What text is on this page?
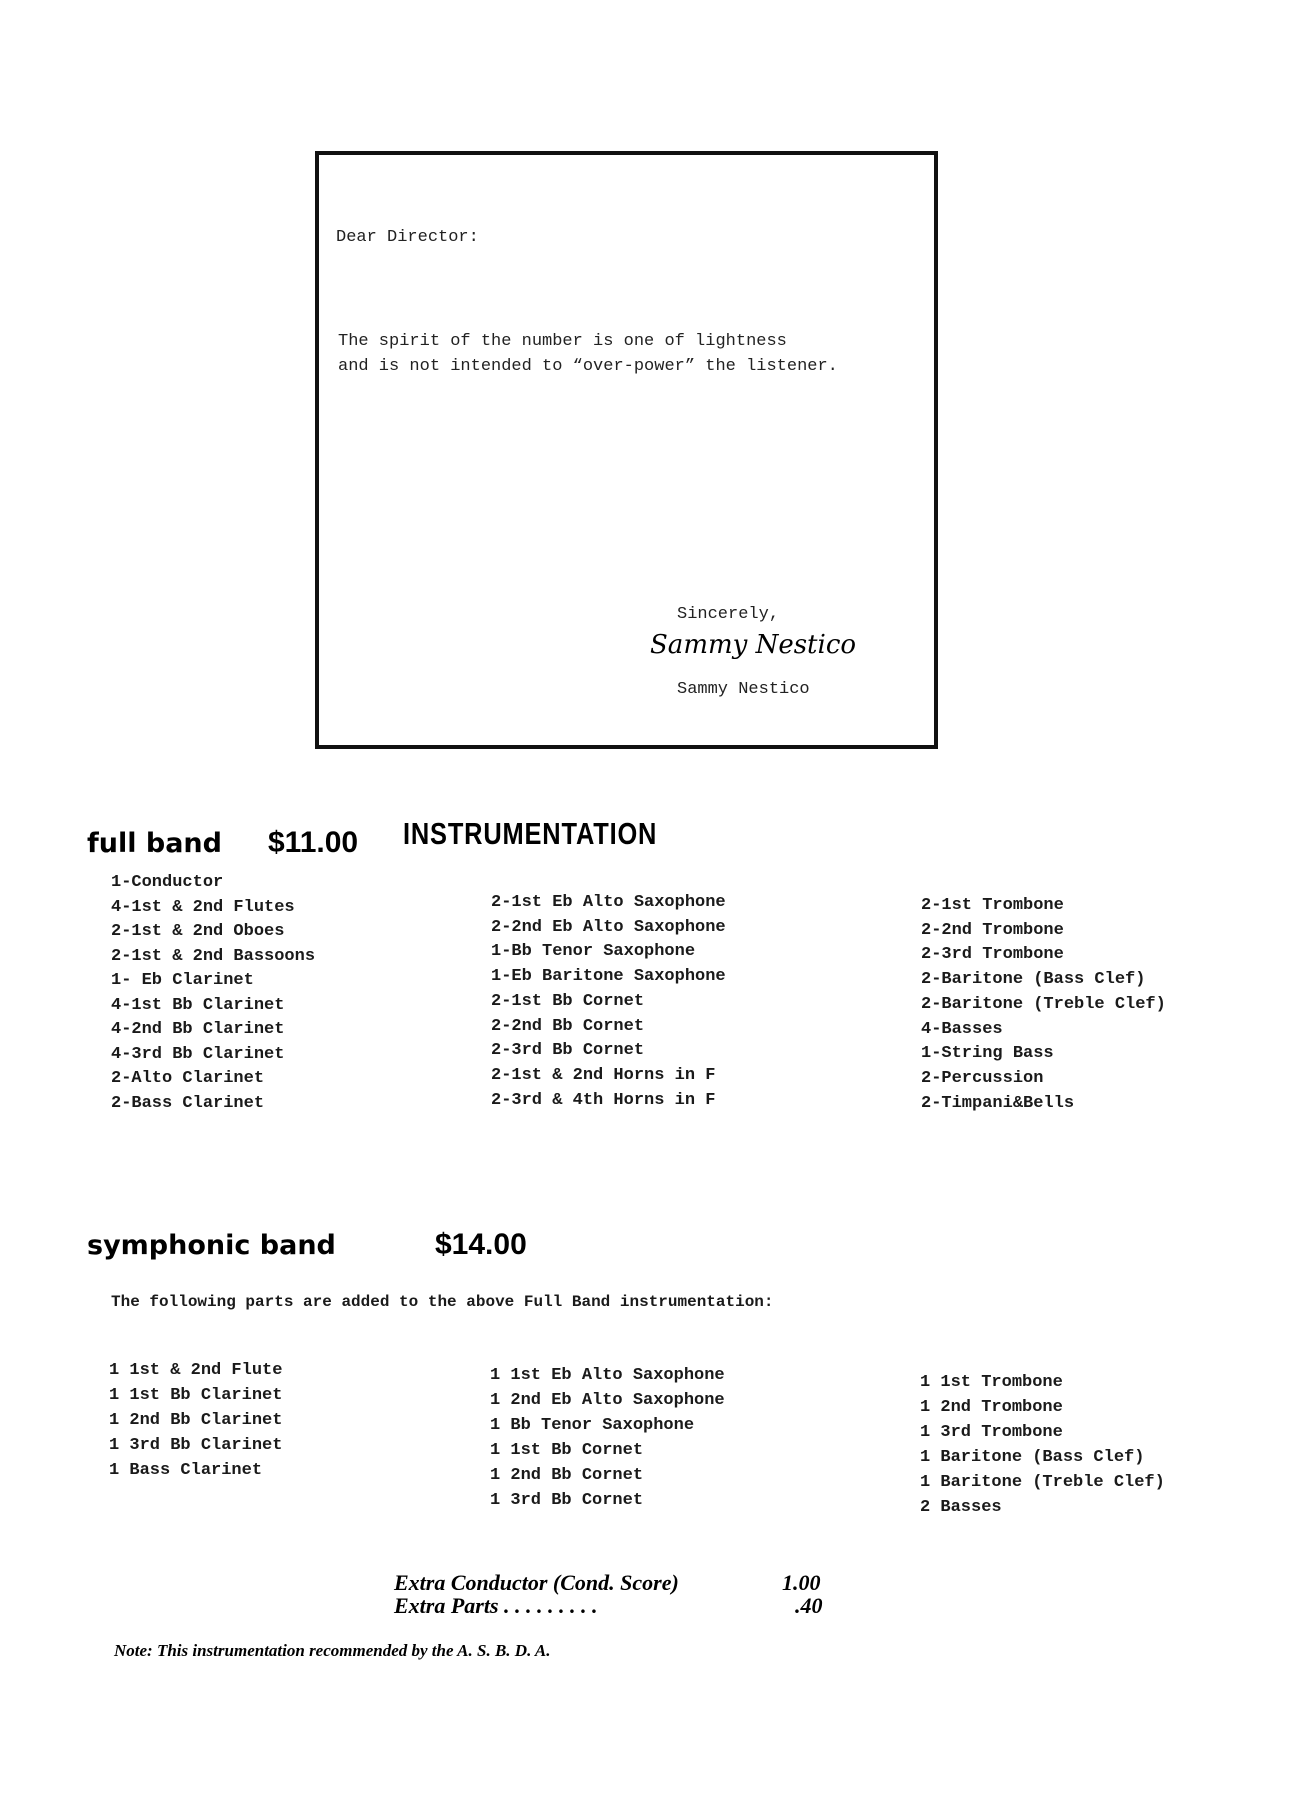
Dear Director:
The spirit of the number is one of lightness
and is not intended to “over-power” the listener.
Sincerely,
Sammy Nestico
Sammy Nestico
full band $11.00 INSTRUMENTATION
1-Conductor
4-1st & 2nd Flutes
2-1st & 2nd Oboes
2-1st & 2nd Bassoons
1- Eb Clarinet
4-1st Bb Clarinet
4-2nd Bb Clarinet
4-3rd Bb Clarinet
2-Alto Clarinet
2-Bass Clarinet
2-1st Eb Alto Saxophone
2-2nd Eb Alto Saxophone
1-Bb Tenor Saxophone
1-Eb Baritone Saxophone
2-1st Bb Cornet
2-2nd Bb Cornet
2-3rd Bb Cornet
2-1st & 2nd Horns in F
2-3rd & 4th Horns in F
2-1st Trombone
2-2nd Trombone
2-3rd Trombone
2-Baritone (Bass Clef)
2-Baritone (Treble Clef)
4-Basses
1-String Bass
2-Percussion
2-Timpani&Bells
symphonic band	$14.00
The following parts are added to the above Full Band instrumentation:
1 1st & 2nd Flute
1 1st Bb Clarinet
1 2nd Bb Clarinet
1 3rd Bb Clarinet
1 Bass Clarinet
1 1st Eb Alto Saxophone
1 2nd Eb Alto Saxophone
1 Bb Tenor Saxophone
1 1st Bb Cornet
1 2nd Bb Cornet
1 3rd Bb Cornet
1 1st Trombone
1 2nd Trombone
1 3rd Trombone
1 Baritone (Bass Clef)
1 Baritone (Treble Clef)
2 Basses
Extra Conductor (Cond. Score)	1.00
Extra Parts . . . . . . . . .	.40
Note: This instrumentation recommended by the A. S. B. D. A.
